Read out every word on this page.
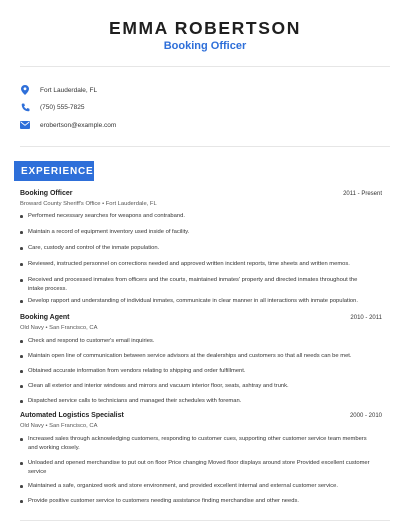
EMMA ROBERTSON
Booking Officer
Fort Lauderdale, FL
(750) 555-7825
erobertson@example.com
EXPERIENCE
Booking Officer	2011 - Present
Broward County Sheriff's Office • Fort Lauderdale, FL
Performed necessary searches for weapons and contraband.
Maintain a record of equipment inventory used inside of facility.
Care, custody and control of the inmate population.
Reviewed, instructed personnel on corrections needed and approved written incident reports, time sheets and written memos.
Received and processed inmates from officers and the courts, maintained inmates' property and directed inmates throughout the intake process.
Develop rapport and understanding of individual inmates, communicate in clear manner in all interactions with inmate population.
Booking Agent	2010 - 2011
Old Navy • San Francisco, CA
Check and respond to customer's email inquiries.
Maintain open line of communication between service advisors at the dealerships and customers so that all needs can be met.
Obtained accurate information from vendors relating to shipping and order fulfillment.
Clean all exterior and interior windows and mirrors and vacuum interior floor, seats, ashtray and trunk.
Dispatched service calls to technicians and managed their schedules with foreman.
Automated Logistics Specialist	2000 - 2010
Old Navy • San Francisco, CA
Increased sales through acknowledging customers, responding to customer cues, supporting other customer service team members and working closely.
Unloaded and opened merchandise to put out on floor Price changing Moved floor displays around store Provided excellent customer service
Maintained a safe, organized work and store environment, and provided excellent internal and external customer service.
Provide positive customer service to customers needing assistance finding merchandise and other needs.
